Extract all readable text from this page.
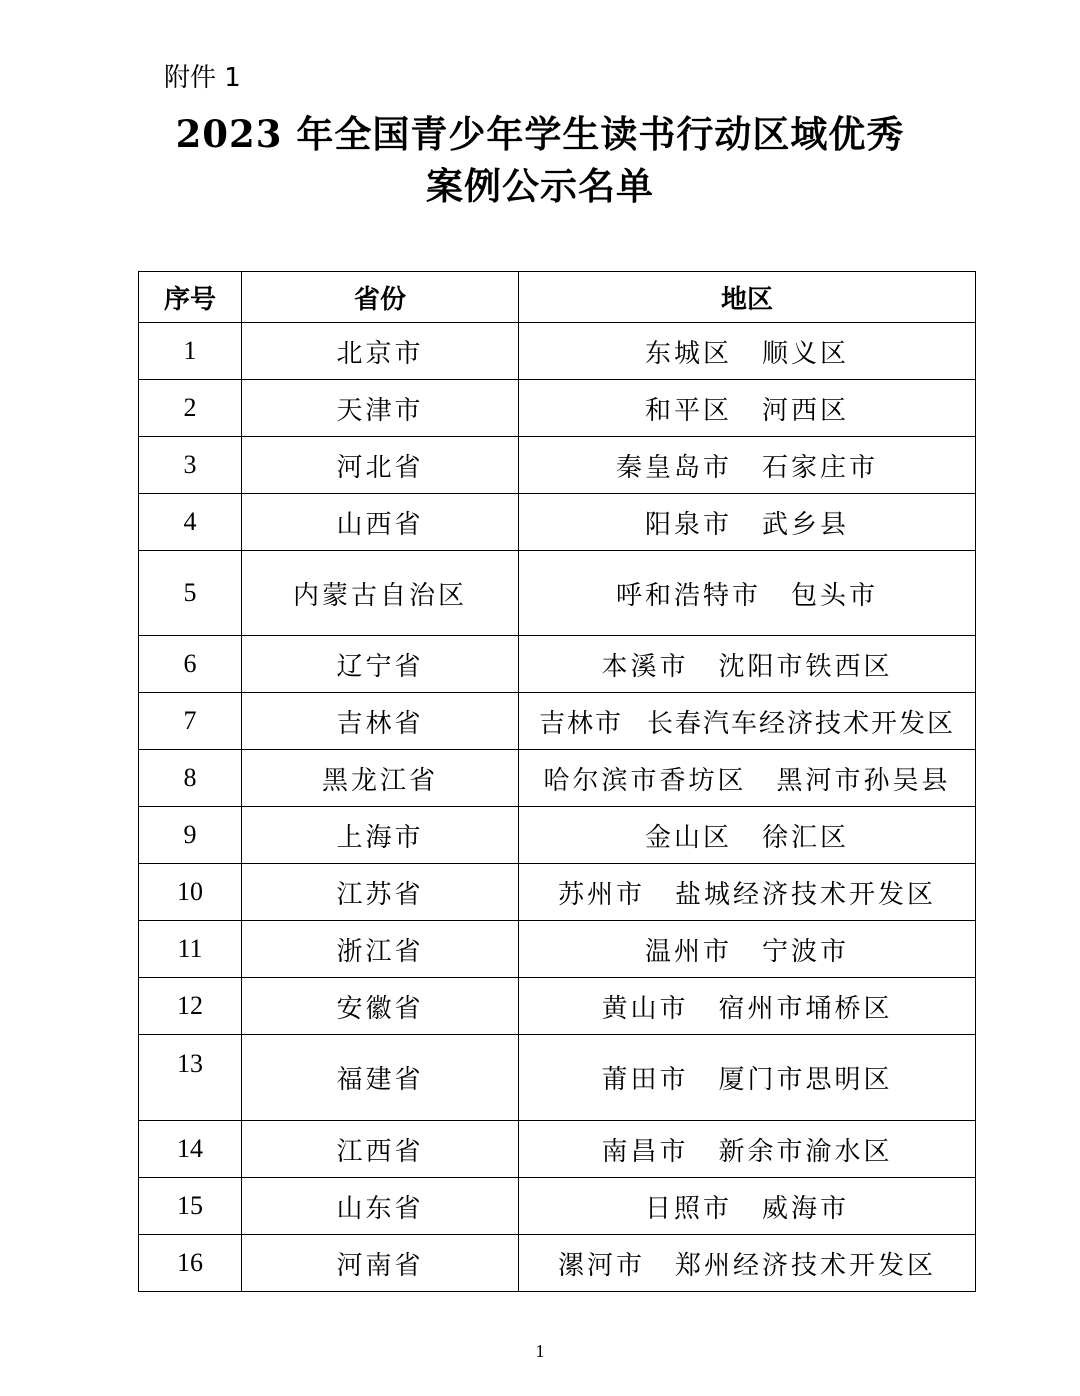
附件 1
2023 年全国青少年学生读书行动区域优秀
案例公示名单
序号	省份	地区
1	北京市	东城区 顺义区
2	天津市	和平区 河西区
3	河北省	秦皇岛市 石家庄市
4	山西省	阳泉市 武乡县
5	内蒙古自治区	呼和浩特市 包头市
6	辽宁省	本溪市 沈阳市铁西区
7	吉林省	吉林市 长春汽车经济技术开发区
8	黑龙江省	哈尔滨市香坊区 黑河市孙吴县
9	上海市	金山区 徐汇区
10	江苏省	苏州市 盐城经济技术开发区
11	浙江省	温州市 宁波市
12	安徽省	黄山市 宿州市埇桥区
13	福建省	莆田市 厦门市思明区
14	江西省	南昌市 新余市渝水区
15	山东省	日照市 威海市
16	河南省	漯河市 郑州经济技术开发区
1
